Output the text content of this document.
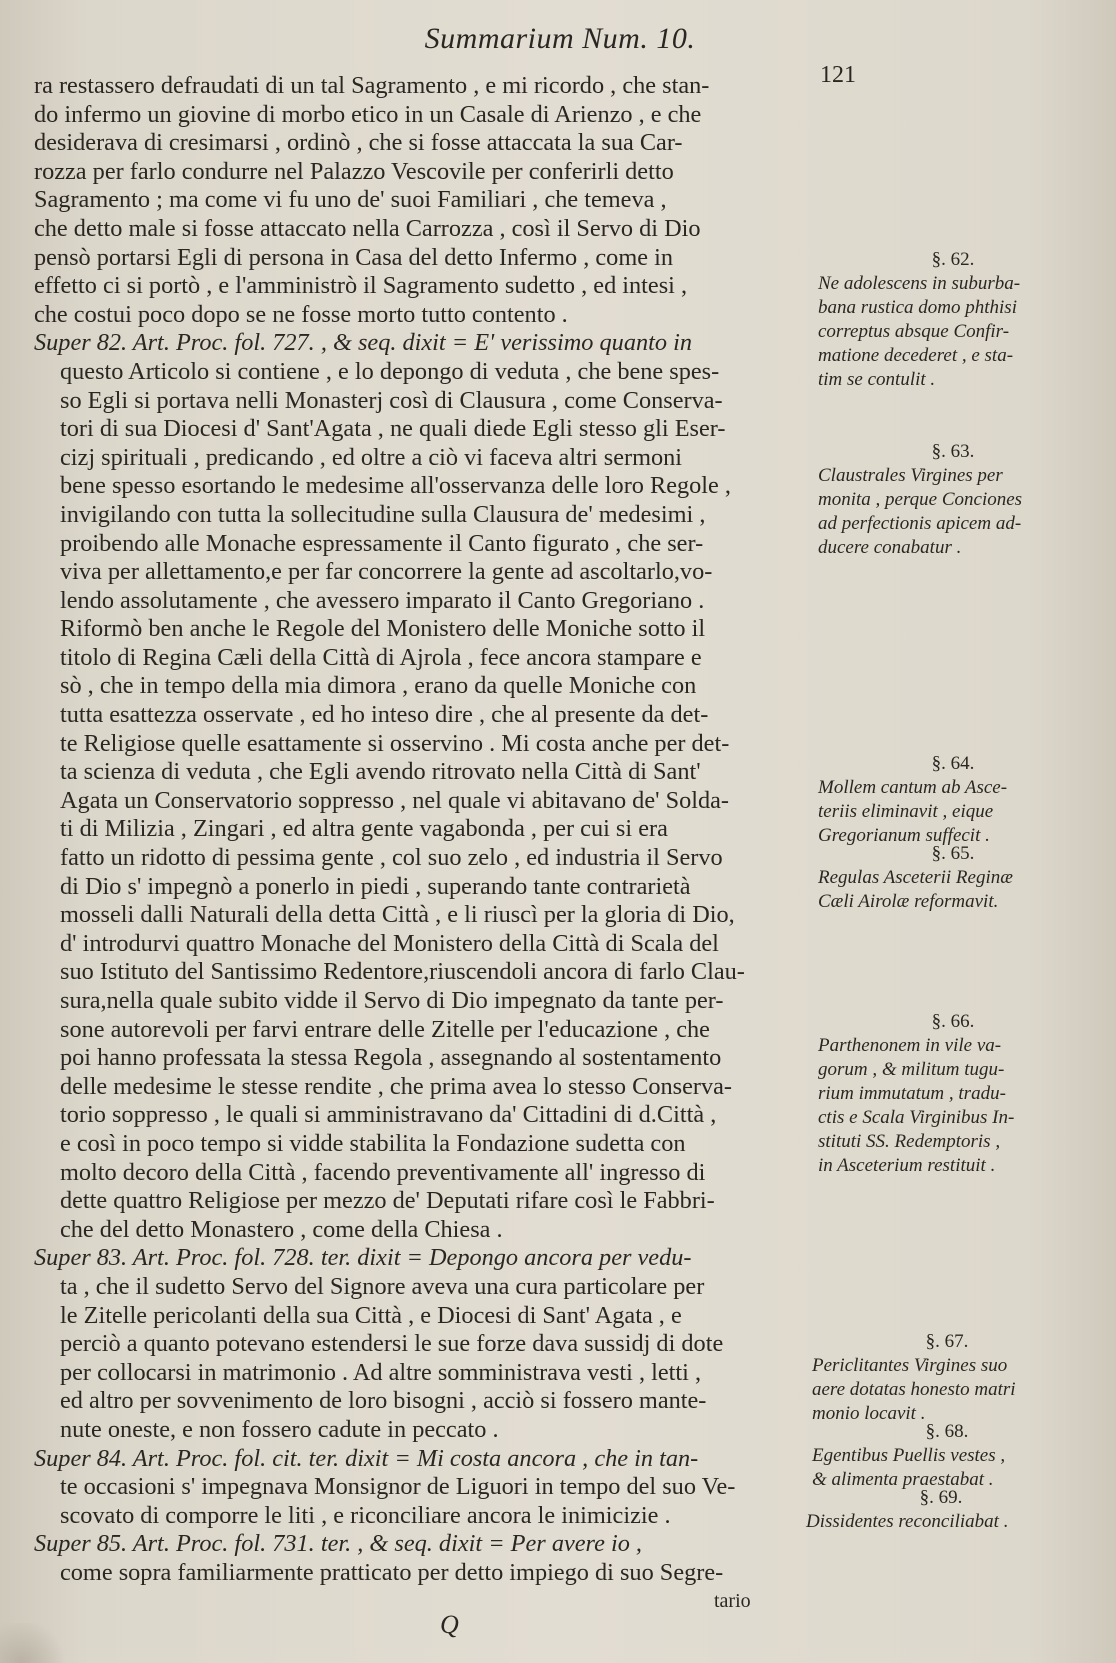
Summarium Num. 10.
121
ra restassero defraudati di un tal Sagramento , e mi ricordo , che stan-
do infermo un giovine di morbo etico in un Casale di Arienzo , e che
desiderava di cresimarsi , ordinò , che si fosse attaccata la sua Car-
rozza per farlo condurre nel Palazzo Vescovile per conferirli detto
Sagramento ; ma come vi fu uno de' suoi Familiari , che temeva ,
che detto male si fosse attaccato nella Carrozza , così il Servo di Dio
pensò portarsi Egli di persona in Casa del detto Infermo , come in
effetto ci si portò , e l'amministrò il Sagramento sudetto , ed intesi ,
che costui poco dopo se ne fosse morto tutto contento .
Super 82. Art. Proc. fol. 727. , & seq. dixit = E' verissimo quanto in
questo Articolo si contiene , e lo depongo di veduta , che bene spes-
so Egli si portava nelli Monasterj così di Clausura , come Conserva-
tori di sua Diocesi d' Sant'Agata , ne quali diede Egli stesso gli Eser-
cizj spirituali , predicando , ed oltre a ciò vi faceva altri sermoni
bene spesso esortando le medesime all'osservanza delle loro Regole ,
invigilando con tutta la sollecitudine sulla Clausura de' medesimi ,
proibendo alle Monache espressamente il Canto figurato , che ser-
viva per allettamento,e per far concorrere la gente ad ascoltarlo,vo-
lendo assolutamente , che avessero imparato il Canto Gregoriano .
Riformò ben anche le Regole del Monistero delle Moniche sotto il
titolo di Regina Cæli della Città di Ajrola , fece ancora stampare e
sò , che in tempo della mia dimora , erano da quelle Moniche con
tutta esattezza osservate , ed ho inteso dire , che al presente da det-
te Religiose quelle esattamente si osservino . Mi costa anche per det-
ta scienza di veduta , che Egli avendo ritrovato nella Città di Sant'
Agata un Conservatorio soppresso , nel quale vi abitavano de' Solda-
ti di Milizia , Zingari , ed altra gente vagabonda , per cui si era
fatto un ridotto di pessima gente , col suo zelo , ed industria il Servo
di Dio s' impegnò a ponerlo in piedi , superando tante contrarietà
mosseli dalli Naturali della detta Città , e li riuscì per la gloria di Dio,
d' introdurvi quattro Monache del Monistero della Città di Scala del
suo Istituto del Santissimo Redentore,riuscendoli ancora di farlo Clau-
sura,nella quale subito vidde il Servo di Dio impegnato da tante per-
sone autorevoli per farvi entrare delle Zitelle per l'educazione , che
poi hanno professata la stessa Regola , assegnando al sostentamento
delle medesime le stesse rendite , che prima avea lo stesso Conserva-
torio soppresso , le quali si amministravano da' Cittadini di d.Città ,
e così in poco tempo si vidde stabilita la Fondazione sudetta con
molto decoro della Città , facendo preventivamente all' ingresso di
dette quattro Religiose per mezzo de' Deputati rifare così le Fabbri-
che del detto Monastero , come della Chiesa .
Super 83. Art. Proc. fol. 728. ter. dixit = Depongo ancora per vedu-
ta , che il sudetto Servo del Signore aveva una cura particolare per
le Zitelle pericolanti della sua Città , e Diocesi di Sant' Agata , e
perciò a quanto potevano estendersi le sue forze dava sussidj di dote
per collocarsi in matrimonio . Ad altre somministrava vesti , letti ,
ed altro per sovvenimento de loro bisogni , acciò si fossero mante-
nute oneste, e non fossero cadute in peccato .
Super 84. Art. Proc. fol. cit. ter. dixit = Mi costa ancora , che in tan-
te occasioni s' impegnava Monsignor de Liguori in tempo del suo Ve-
scovato di comporre le liti , e riconciliare ancora le inimicizie .
Super 85. Art. Proc. fol. 731. ter. , & seq. dixit = Per avere io ,
come sopra familiarmente pratticato per detto impiego di suo Segre-
tario
§. 62.
Ne adolescens in suburba-
bana rustica domo phthisi
correptus absque Confir-
matione decederet , e sta-
tim se contulit .
§. 63.
Claustrales Virgines per
monita , perque Conciones
ad perfectionis apicem ad-
ducere conabatur .
§. 64.
Mollem cantum ab Asce-
teriis eliminavit , eique
Gregorianum suffecit .
§. 65.
Regulas Asceterii Reginæ
Cæli Airolæ reformavit.
§. 66.
Parthenonem in vile va-
gorum , & militum tugu-
rium immutatum , tradu-
ctis e Scala Virginibus In-
stituti SS. Redemptoris ,
in Asceterium restituit .
§. 67.
Periclitantes Virgines suo
aere dotatas honesto matri
monio locavit .
§. 68.
Egentibus Puellis vestes ,
& alimenta praestabat .
§. 69.
Dissidentes reconciliabat .
Q
